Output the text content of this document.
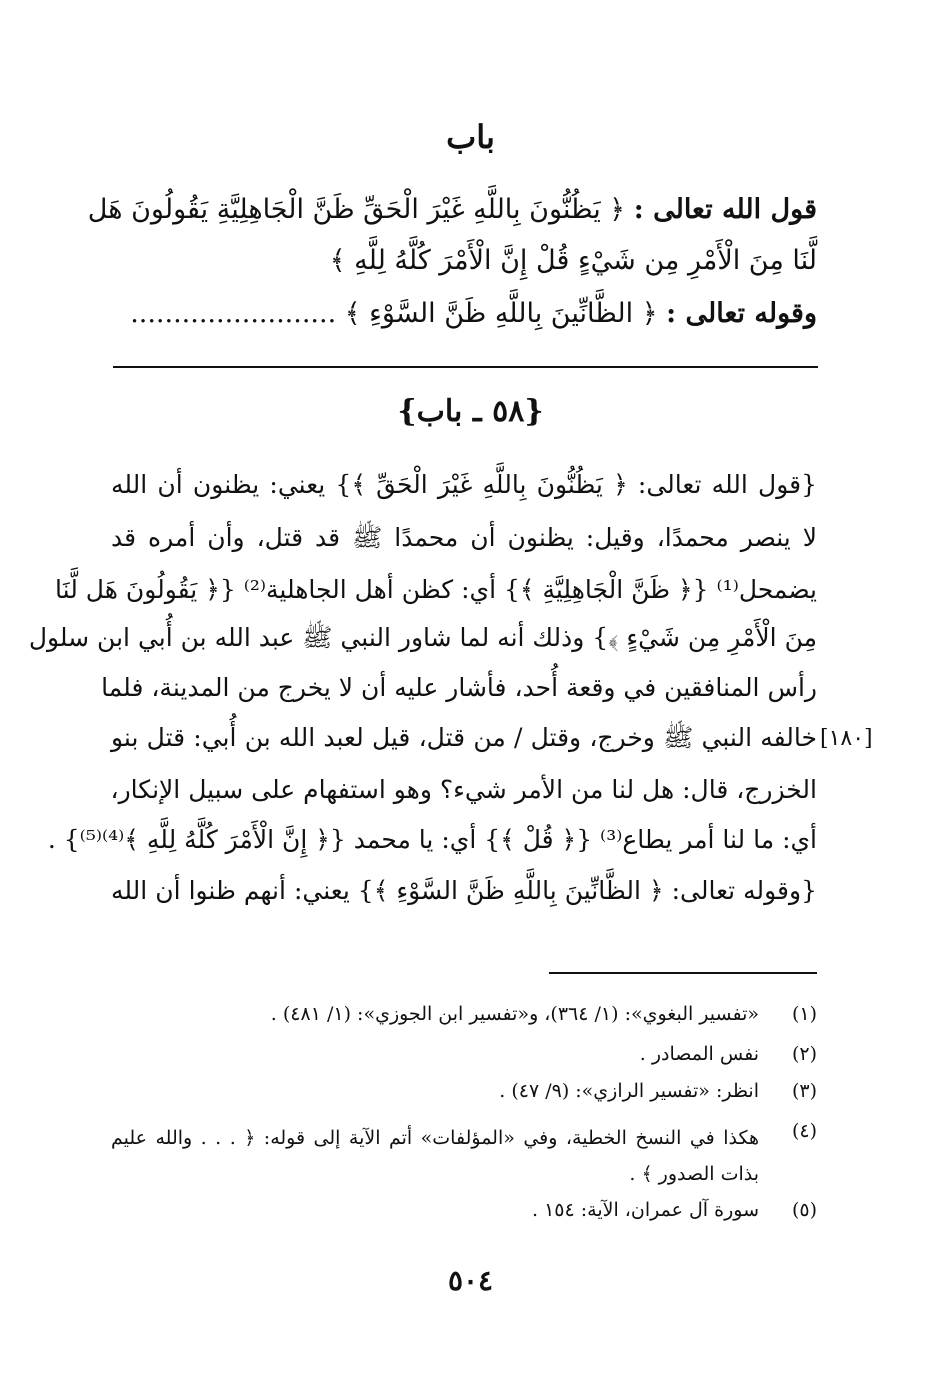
باب
قول الله تعالى : ﴿ يَظُنُّونَ بِاللَّهِ غَيْرَ الْحَقِّ ظَنَّ الْجَاهِلِيَّةِ يَقُولُونَ هَل
لَّنَا مِنَ الْأَمْرِ مِن شَيْءٍ قُلْ إِنَّ الْأَمْرَ كُلَّهُ لِلَّهِ ﴾
وقوله تعالى : ﴿ الظَّانِّينَ بِاللَّهِ ظَنَّ السَّوْءِ ﴾ ........................
{٥٨ ـ باب}
{قول الله تعالى: ﴿ يَظُنُّونَ بِاللَّهِ غَيْرَ الْحَقِّ ﴾} يعني: يظنون أن الله
لا ينصر محمدًا، وقيل: يظنون أن محمدًا ﷺ قد قتل، وأن أمره قد
يضمحل⁽¹⁾ {﴿ ظَنَّ الْجَاهِلِيَّةِ ﴾} أي: كظن أهل الجاهلية⁽²⁾ {﴿ يَقُولُونَ هَل لَّنَا
مِنَ الْأَمْرِ مِن شَيْءٍ ﴾} وذلك أنه لما شاور النبي ﷺ عبد الله بن أُبي ابن سلول
رأس المنافقين في وقعة أُحد، فأشار عليه أن لا يخرج من المدينة، فلما
خالفه النبي ﷺ وخرج، وقتل / من قتل، قيل لعبد الله بن أُبي: قتل بنو
الخزرج، قال: هل لنا من الأمر شيء؟ وهو استفهام على سبيل الإنكار،
أي: ما لنا أمر يطاع⁽³⁾ {﴿ قُلْ ﴾} أي: يا محمد {﴿ إِنَّ الْأَمْرَ كُلَّهُ لِلَّهِ ﴾⁽⁴⁾⁽⁵⁾} .
{وقوله تعالى: ﴿ الظَّانِّينَ بِاللَّهِ ظَنَّ السَّوْءِ ﴾} يعني: أنهم ظنوا أن الله
[١٨٠]
(١)
«تفسير البغوي»: (١/ ٣٦٤)، و«تفسير ابن الجوزي»: (١/ ٤٨١) .
(٢)
نفس المصادر .
(٣)
انظر: «تفسير الرازي»: (٩/ ٤٧) .
(٤)
هكذا في النسخ الخطية، وفي «المؤلفات» أتم الآية إلى قوله: ﴿ . . . والله عليم بذات الصدور ﴾ .
(٥)
سورة آل عمران، الآية: ١٥٤ .
٥٠٤
